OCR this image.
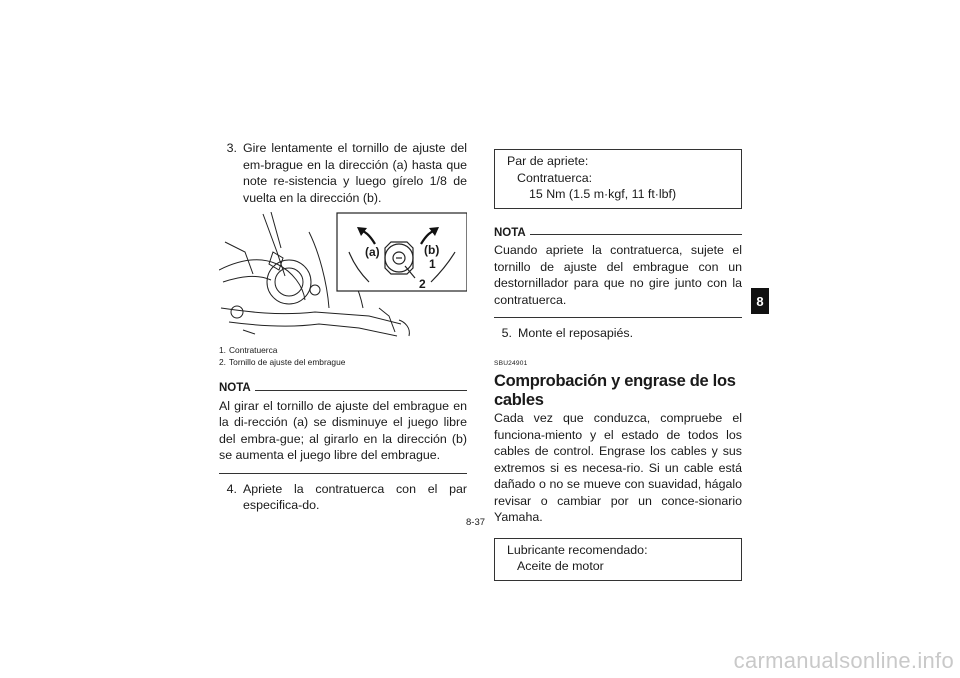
3. Gire lentamente el tornillo de ajuste del em-brague en la dirección (a) hasta que note re-sistencia y luego gírelo 1/8 de vuelta en la dirección (b).
(a)	(b)
1
2
1. Contratuerca
2. Tornillo de ajuste del embrague
NOTA
Al girar el tornillo de ajuste del embrague en la di-rección (a) se disminuye el juego libre del embra-gue; al girarlo en la dirección (b) se aumenta el juego libre del embrague.
4. Apriete la contratuerca con el par especifica-do.
Par de apriete:
Contratuerca:
15 Nm (1.5 m·kgf, 11 ft·lbf)
NOTA
Cuando apriete la contratuerca, sujete el tornillo de ajuste del embrague con un destornillador para que no gire junto con la contratuerca.
5. Monte el reposapiés.
SBU24901
Comprobación y engrase de los cables
Cada vez que conduzca, compruebe el funciona-miento y el estado de todos los cables de control. Engrase los cables y sus extremos si es necesa-rio. Si un cable está dañado o no se mueve con suavidad, hágalo revisar o cambiar por un conce-sionario Yamaha.
Lubricante recomendado:
Aceite de motor
8
8-37
carmanualsonline.info
